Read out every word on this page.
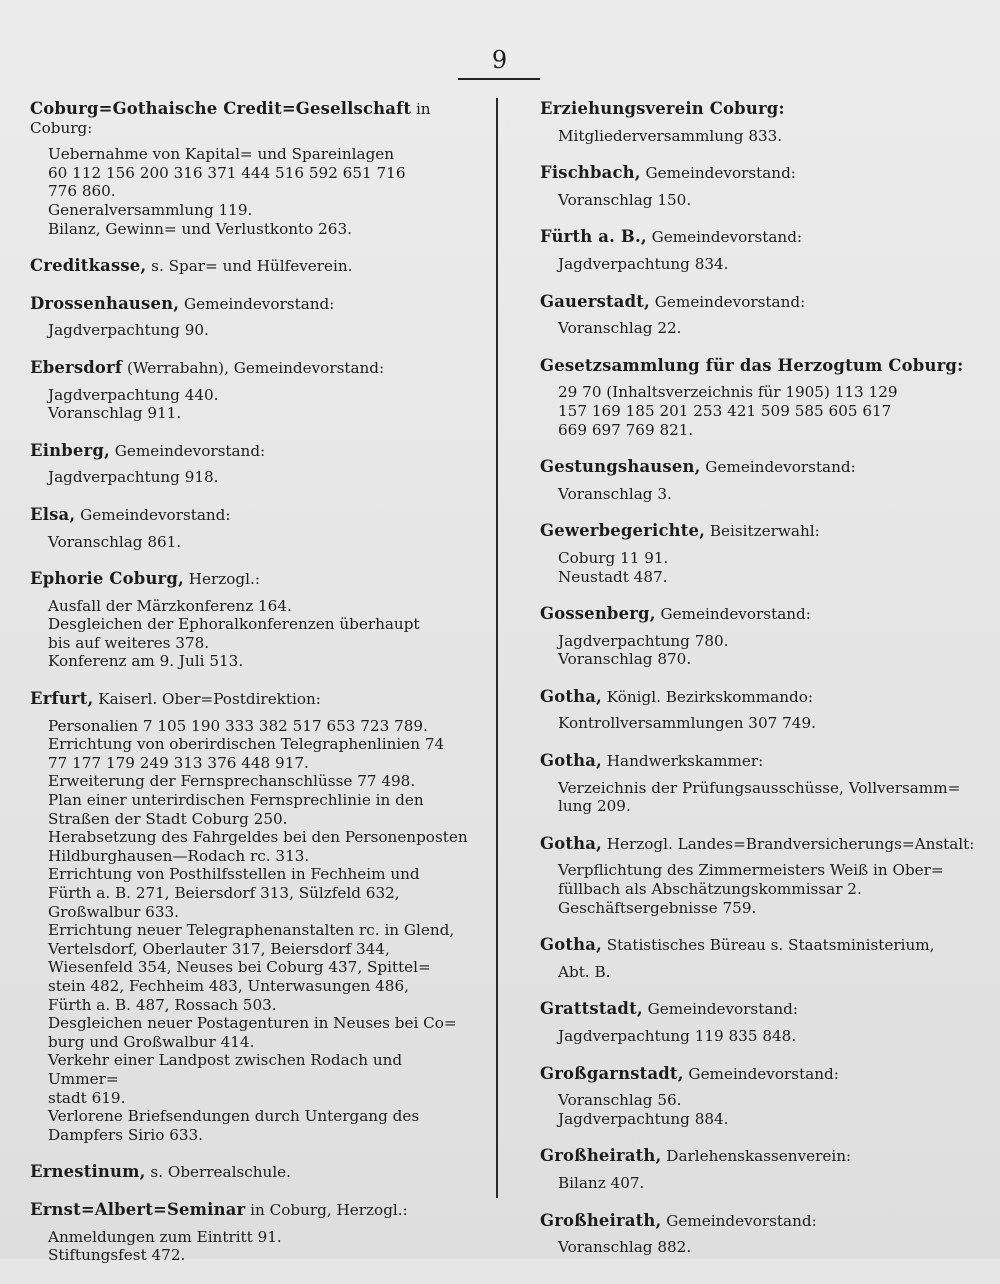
9
Coburg=Gothaische Credit=Gesellschaft in Coburg:
Uebernahme von Kapital= und Spareinlagen
60 112 156 200 316 371 444 516 592 651 716
776 860.
Generalversammlung 119.
Bilanz, Gewinn= und Verlustkonto 263.
Creditkasse, s. Spar= und Hülfeverein.
Drossenhausen, Gemeindevorstand:
Jagdverpachtung 90.
Ebersdorf (Werrabahn), Gemeindevorstand:
Jagdverpachtung 440.
Voranschlag 911.
Einberg, Gemeindevorstand:
Jagdverpachtung 918.
Elsa, Gemeindevorstand:
Voranschlag 861.
Ephorie Coburg, Herzogl.:
Ausfall der Märzkonferenz 164.
Desgleichen der Ephoralkonferenzen überhaupt
bis auf weiteres 378.
Konferenz am 9. Juli 513.
Erfurt, Kaiserl. Ober=Postdirektion:
Personalien 7 105 190 333 382 517 653 723 789.
Errichtung von oberirdischen Telegraphenlinien 74
77 177 179 249 313 376 448 917.
Erweiterung der Fernsprechanschlüsse 77 498.
Plan einer unterirdischen Fernsprechlinie in den
Straßen der Stadt Coburg 250.
Herabsetzung des Fahrgeldes bei den Personenposten
Hildburghausen—Rodach rc. 313.
Errichtung von Posthilfsstellen in Fechheim und
Fürth a. B. 271, Beiersdorf 313, Sülzfeld 632,
Großwalbur 633.
Errichtung neuer Telegraphenanstalten rc. in Glend,
Vertelsdorf, Oberlauter 317, Beiersdorf 344,
Wiesenfeld 354, Neuses bei Coburg 437, Spittel=
stein 482, Fechheim 483, Unterwasungen 486,
Fürth a. B. 487, Rossach 503.
Desgleichen neuer Postagenturen in Neuses bei Co=
burg und Großwalbur 414.
Verkehr einer Landpost zwischen Rodach und Ummer=
stadt 619.
Verlorene Briefsendungen durch Untergang des
Dampfers Sirio 633.
Ernestinum, s. Oberrealschule.
Ernst=Albert=Seminar in Coburg, Herzogl.:
Anmeldungen zum Eintritt 91.
Stiftungsfest 472.
Erziehungsverein Coburg:
Mitgliederversammlung 833.
Fischbach, Gemeindevorstand:
Voranschlag 150.
Fürth a. B., Gemeindevorstand:
Jagdverpachtung 834.
Gauerstadt, Gemeindevorstand:
Voranschlag 22.
Gesetzsammlung für das Herzogtum Coburg:
29 70 (Inhaltsverzeichnis für 1905) 113 129
157 169 185 201 253 421 509 585 605 617
669 697 769 821.
Gestungshausen, Gemeindevorstand:
Voranschlag 3.
Gewerbegerichte, Beisitzerwahl:
Coburg 11 91.
Neustadt 487.
Gossenberg, Gemeindevorstand:
Jagdverpachtung 780.
Voranschlag 870.
Gotha, Königl. Bezirkskommando:
Kontrollversammlungen 307 749.
Gotha, Handwerkskammer:
Verzeichnis der Prüfungsausschüsse, Vollversamm=
lung 209.
Gotha, Herzogl. Landes=Brandversicherungs=Anstalt:
Verpflichtung des Zimmermeisters Weiß in Ober=
füllbach als Abschätzungskommissar 2.
Geschäftsergebnisse 759.
Gotha, Statistisches Büreau s. Staatsministerium,
Abt. B.
Grattstadt, Gemeindevorstand:
Jagdverpachtung 119 835 848.
Großgarnstadt, Gemeindevorstand:
Voranschlag 56.
Jagdverpachtung 884.
Großheirath, Darlehenskassenverein:
Bilanz 407.
Großheirath, Gemeindevorstand:
Voranschlag 882.
